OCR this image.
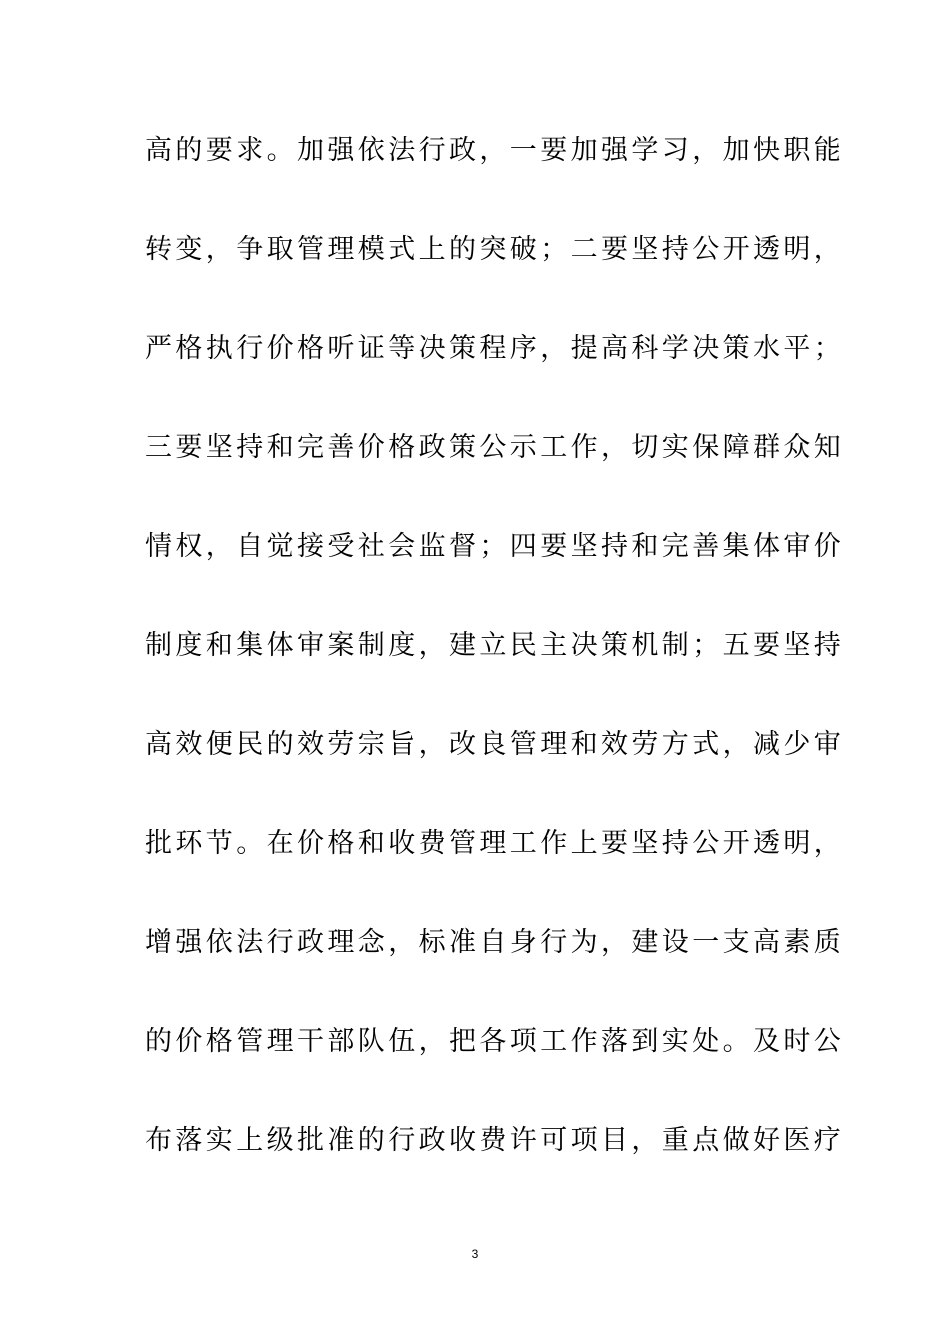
高的要求。加强依法行政，一要加强学习，加快职能
转变，争取管理模式上的突破；二要坚持公开透明，
严格执行价格听证等决策程序，提高科学决策水平；
三要坚持和完善价格政策公示工作，切实保障群众知
情权，自觉接受社会监督；四要坚持和完善集体审价
制度和集体审案制度，建立民主决策机制；五要坚持
高效便民的效劳宗旨，改良管理和效劳方式，减少审
批环节。在价格和收费管理工作上要坚持公开透明，
增强依法行政理念，标准自身行为，建设一支高素质
的价格管理干部队伍，把各项工作落到实处。及时公
布落实上级批准的行政收费许可项目，重点做好医疗
3
